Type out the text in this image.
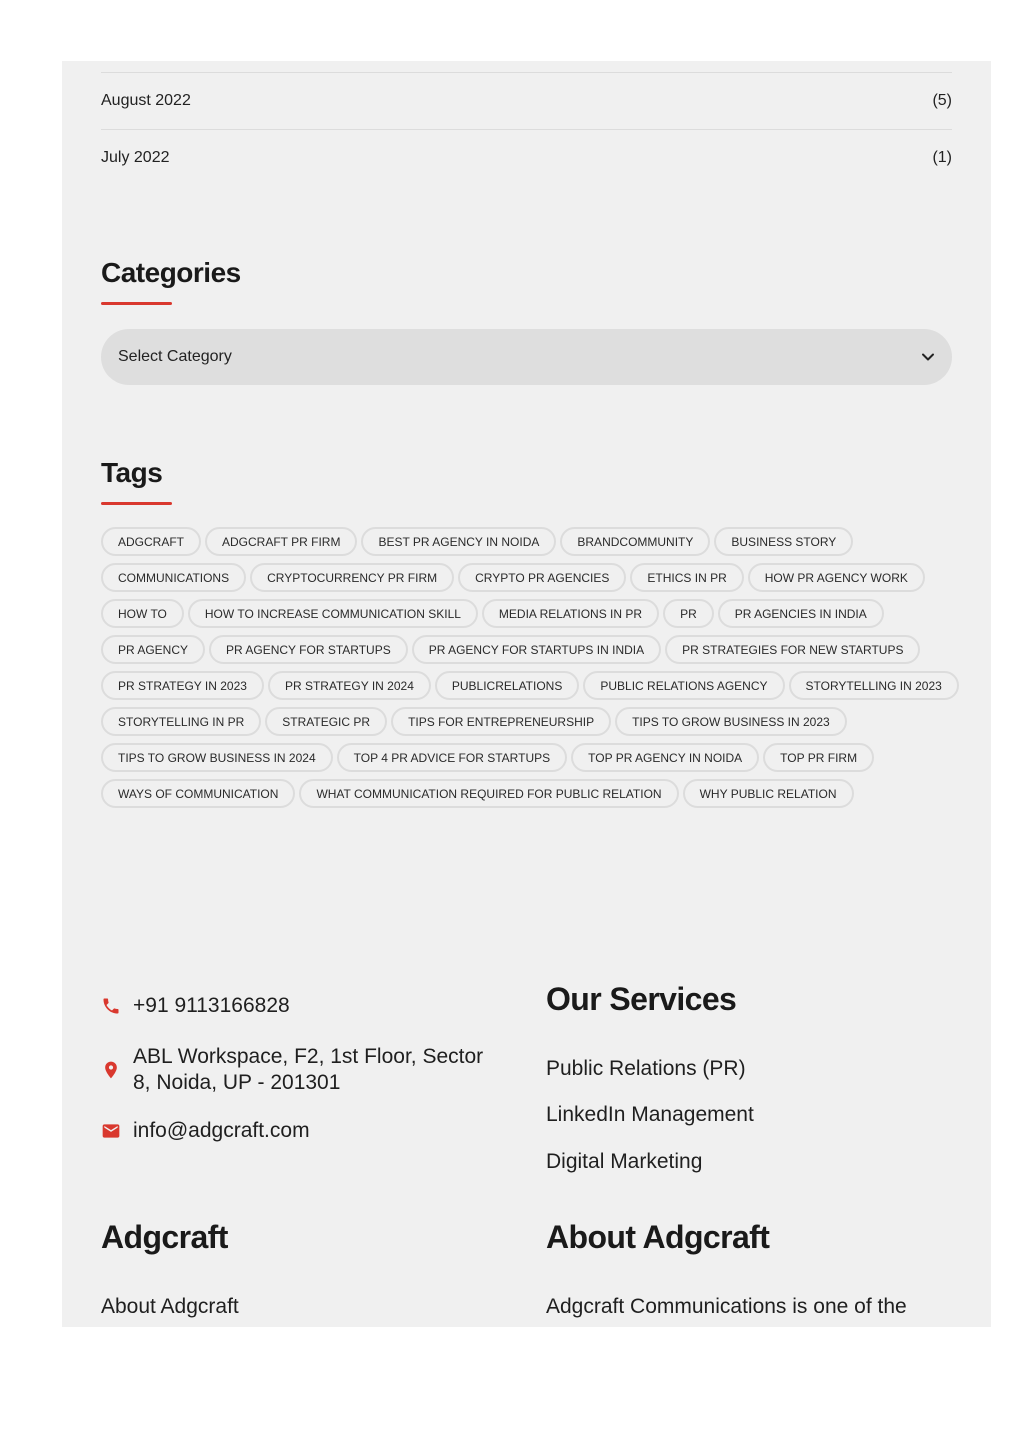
August 2022	(5)
July 2022	(1)
Categories
Select Category
Tags
ADGCRAFT	ADGCRAFT PR FIRM	BEST PR AGENCY IN NOIDA	BRANDCOMMUNITY	BUSINESS STORY
COMMUNICATIONS	CRYPTOCURRENCY PR FIRM	CRYPTO PR AGENCIES	ETHICS IN PR	HOW PR AGENCY WORK
HOW TO	HOW TO INCREASE COMMUNICATION SKILL	MEDIA RELATIONS IN PR	PR	PR AGENCIES IN INDIA
PR AGENCY	PR AGENCY FOR STARTUPS	PR AGENCY FOR STARTUPS IN INDIA	PR STRATEGIES FOR NEW STARTUPS
PR STRATEGY IN 2023	PR STRATEGY IN 2024	PUBLICRELATIONS	PUBLIC RELATIONS AGENCY	STORYTELLING IN 2023
STORYTELLING IN PR	STRATEGIC PR	TIPS FOR ENTREPRENEURSHIP	TIPS TO GROW BUSINESS IN 2023
TIPS TO GROW BUSINESS IN 2024	TOP 4 PR ADVICE FOR STARTUPS	TOP PR AGENCY IN NOIDA	TOP PR FIRM
WAYS OF COMMUNICATION	WHAT COMMUNICATION REQUIRED FOR PUBLIC RELATION	WHY PUBLIC RELATION
+91 9113166828
ABL Workspace, F2, 1st Floor, Sector
8, Noida, UP - 201301
info@adgcraft.com
Our Services
Public Relations (PR)
LinkedIn Management
Digital Marketing
Adgcraft
About Adgcraft
About Adgcraft
Adgcraft Communications is one of the
